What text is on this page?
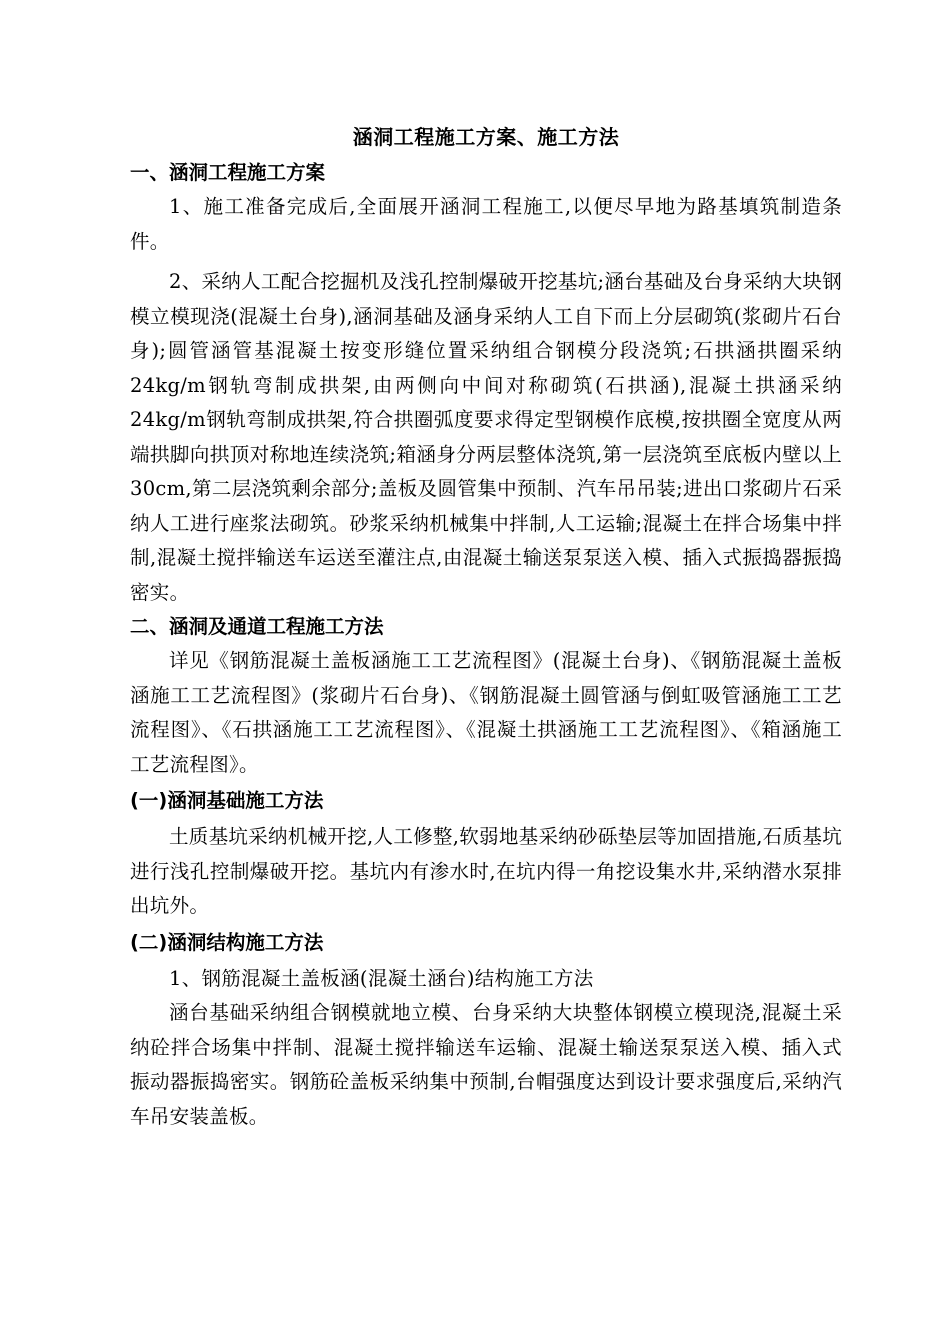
涵洞工程施工方案、施工方法
一、涵洞工程施工方案

1、施工准备完成后,全面展开涵洞工程施工,以便尽早地为路基填筑制造条件。

2、采纳人工配合挖掘机及浅孔控制爆破开挖基坑;涵台基础及台身采纳大块钢模立模现浇(混凝土台身),涵洞基础及涵身采纳人工自下而上分层砌筑(浆砌片石台身);圆管涵管基混凝土按变形缝位置采纳组合钢模分段浇筑;石拱涵拱圈采纳24kg/m钢轨弯制成拱架,由两侧向中间对称砌筑(石拱涵),混凝土拱涵采纳24kg/m钢轨弯制成拱架,符合拱圈弧度要求得定型钢模作底模,按拱圈全宽度从两端拱脚向拱顶对称地连续浇筑;箱涵身分两层整体浇筑,第一层浇筑至底板内壁以上30cm,第二层浇筑剩余部分;盖板及圆管集中预制、汽车吊吊装;进出口浆砌片石采纳人工进行座浆法砌筑。砂浆采纳机械集中拌制,人工运输;混凝土在拌合场集中拌制,混凝土搅拌输送车运送至灌注点,由混凝土输送泵泵送入模、插入式振捣器振捣密实。

二、涵洞及通道工程施工方法

详见《钢筋混凝土盖板涵施工工艺流程图》(混凝土台身)、《钢筋混凝土盖板涵施工工艺流程图》(浆砌片石台身)、《钢筋混凝土圆管涵与倒虹吸管涵施工工艺流程图》、《石拱涵施工工艺流程图》、《混凝土拱涵施工工艺流程图》、《箱涵施工工艺流程图》。

(一)涵洞基础施工方法

土质基坑采纳机械开挖,人工修整,软弱地基采纳砂砾垫层等加固措施,石质基坑进行浅孔控制爆破开挖。基坑内有渗水时,在坑内得一角挖设集水井,采纳潜水泵排出坑外。

(二)涵洞结构施工方法

1、钢筋混凝土盖板涵(混凝土涵台)结构施工方法

涵台基础采纳组合钢模就地立模、台身采纳大块整体钢模立模现浇,混凝土采纳砼拌合场集中拌制、混凝土搅拌输送车运输、混凝土输送泵泵送入模、插入式振动器振捣密实。钢筋砼盖板采纳集中预制,台帽强度达到设计要求强度后,采纳汽车吊安装盖板。
